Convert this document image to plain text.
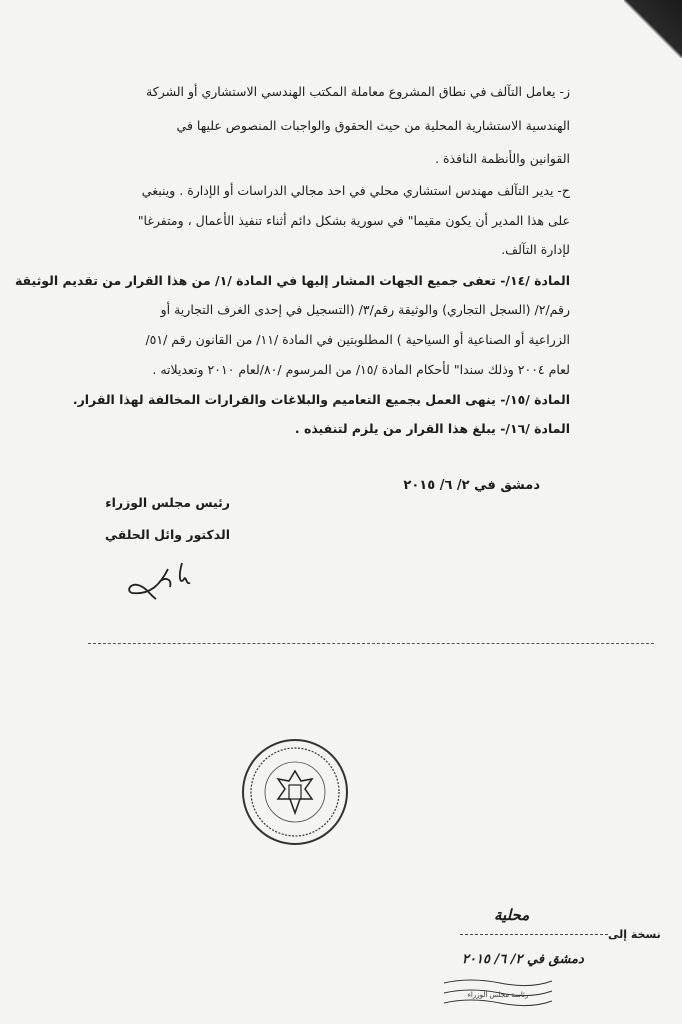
ز- يعامل التآلف في نطاق المشروع معاملة المكتب الهندسي الاستشاري أو الشركة
الهندسية الاستشارية المحلية من حيث الحقوق والواجبات المنصوص عليها في
القوانين والأنظمة النافذة .
ح- يدير التآلف مهندس استشاري محلي في احد مجالي الدراسات أو الإدارة . وينبغي
على هذا المدير أن يكون مقيما" في سورية بشكل دائم أثناء تنفيذ الأعمال ، ومتفرغا"
لإدارة التآلف.
المادة /١٤/- تعفى جميع الجهات المشار إليها في المادة /١/ من هذا القرار من تقديم الوثيقة
رقم/٢/ (السجل التجاري) والوثيقة رقم/٣/ (التسجيل في إحدى الغرف التجارية أو
الزراعية أو الصناعية أو السياحية ) المطلوبتين في المادة /١١/ من القانون رقم /٥١/
لعام ٢٠٠٤ وذلك سندا" لأحكام المادة /١٥/ من المرسوم /٨٠/لعام ٢٠١٠ وتعديلاته .
المادة /١٥/- ينهى العمل بجميع التعاميم والبلاغات والقرارات المخالفة لهذا القرار.
المادة /١٦/- يبلغ هذا القرار من يلزم لتنفيذه .
دمشق في ٢/ ٦/ ٢٠١٥
رئيس مجلس الوزراء
الدكتور وائل الحلقي
محلية
نسخة إلى
دمشق في ٢/ ٦/ ٢٠١٥
رئاسة مجلس الوزراء
